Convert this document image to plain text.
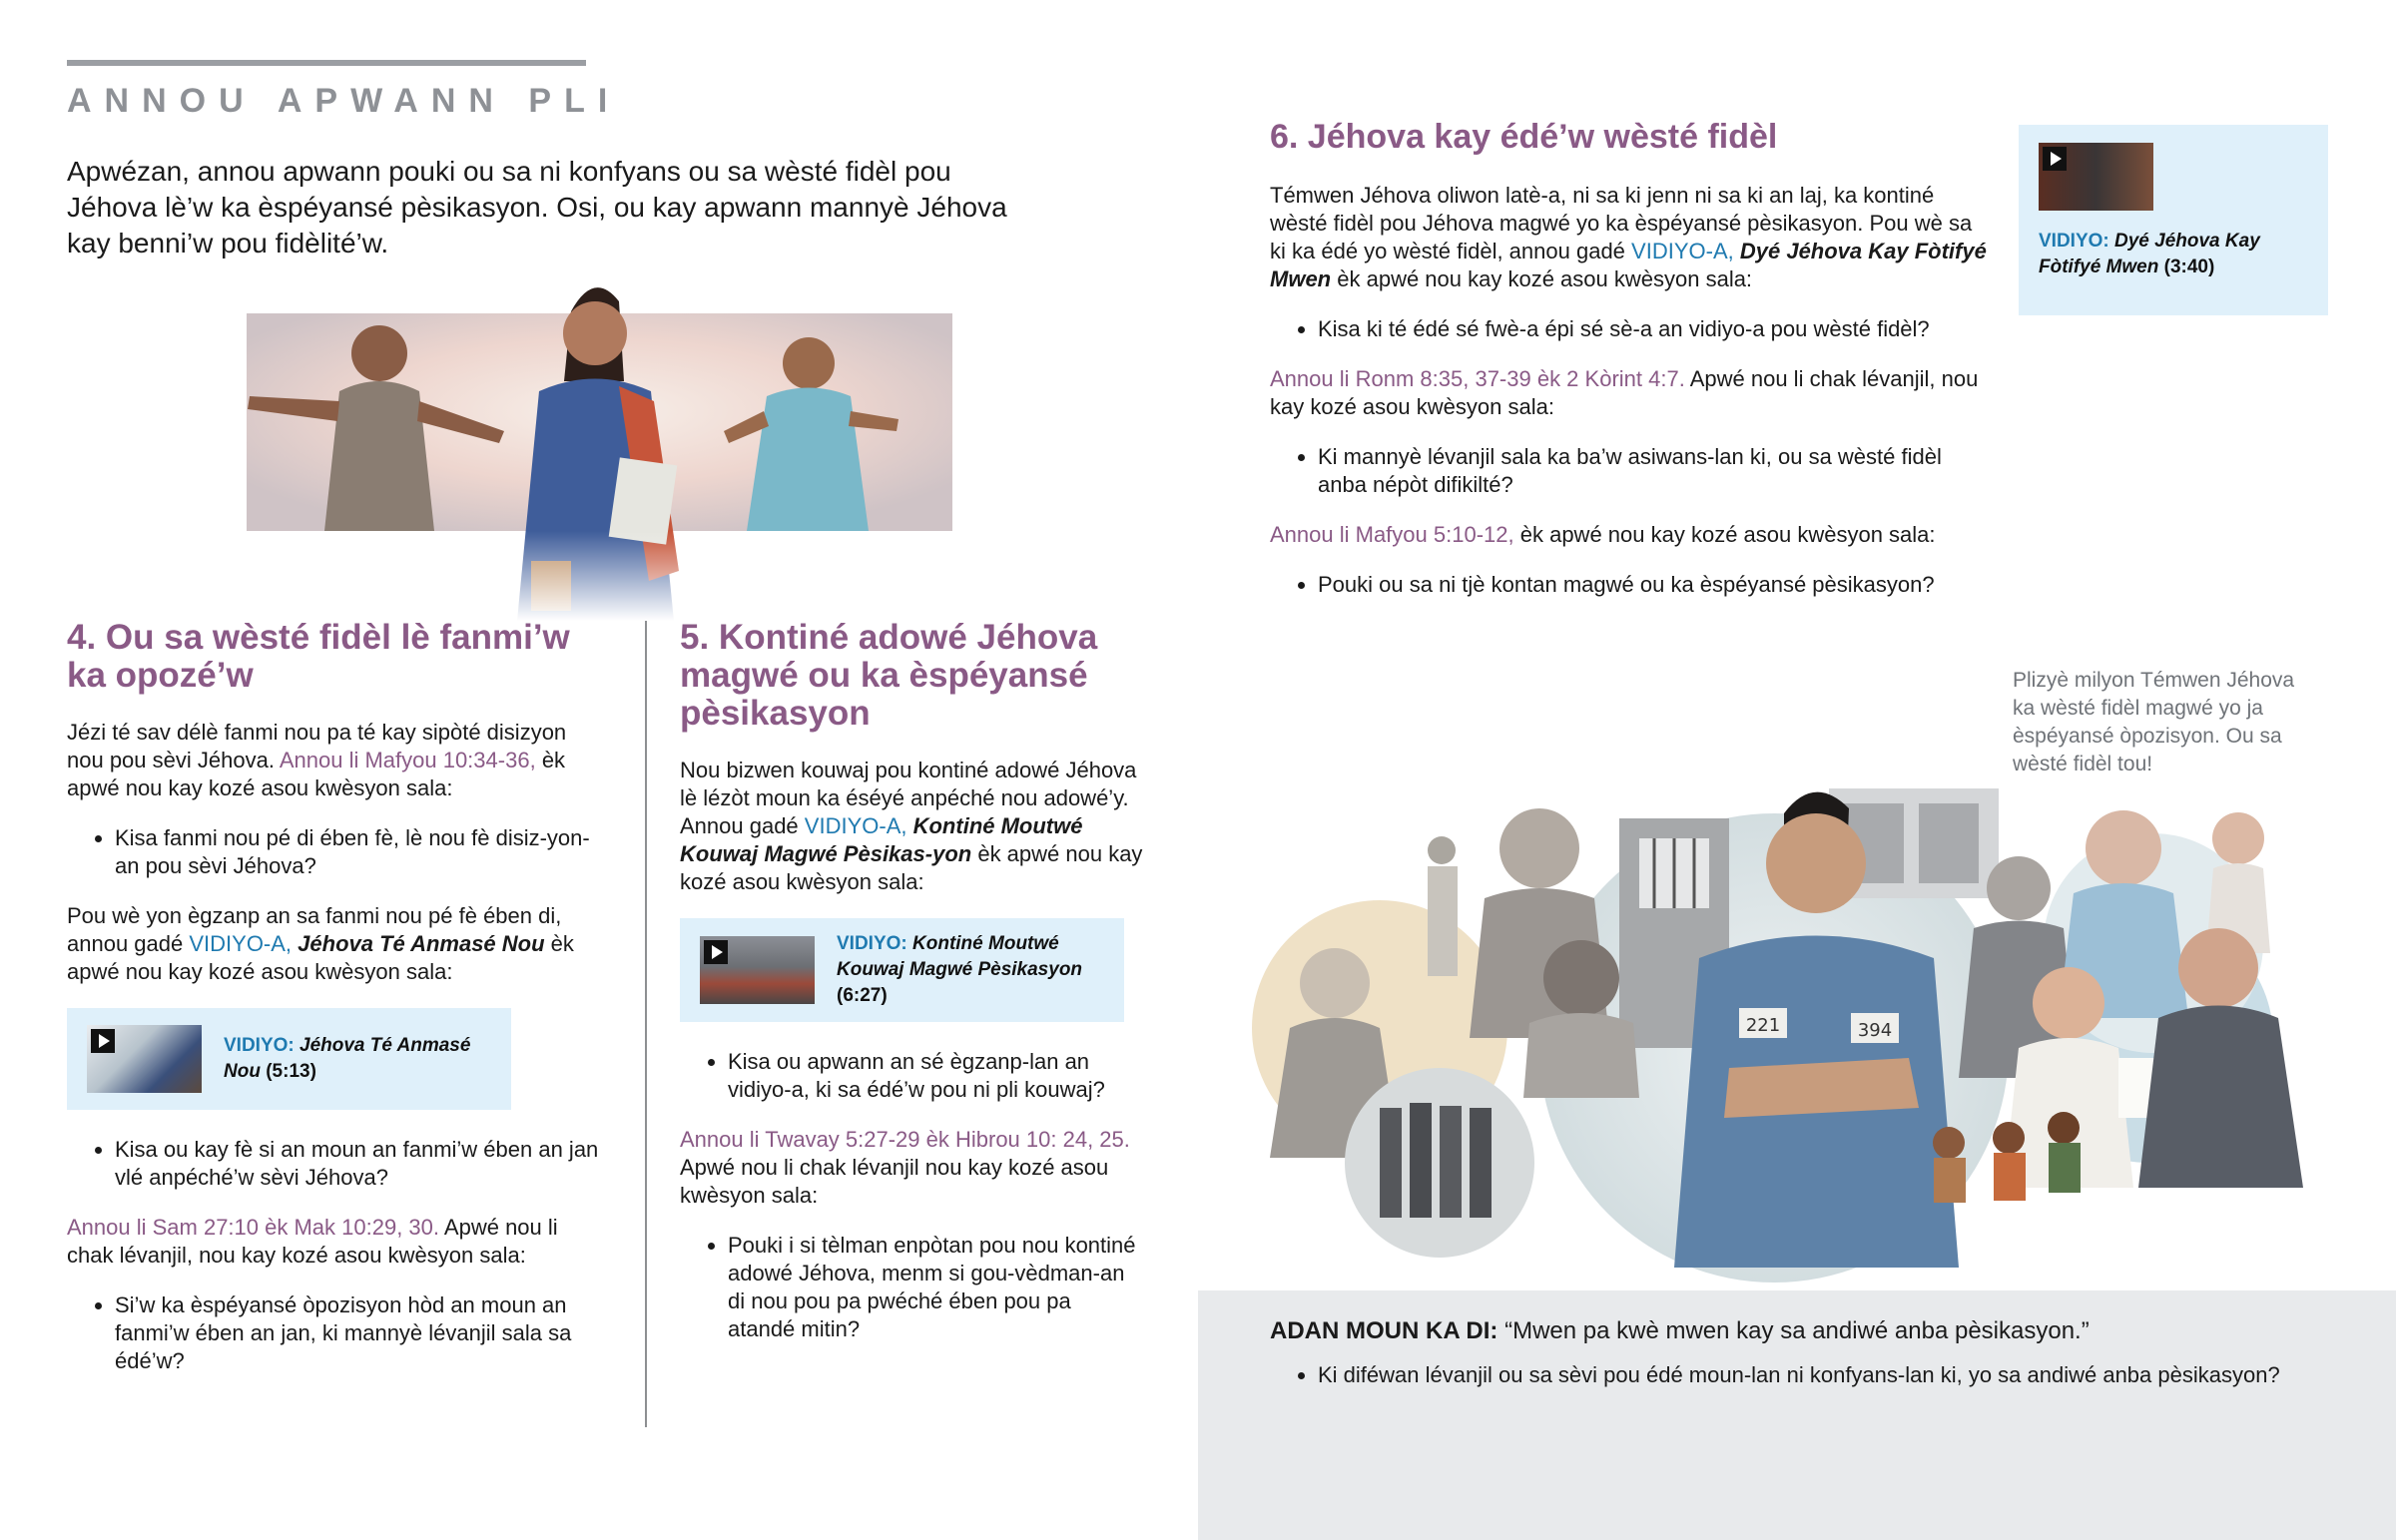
ANNOU APWANN PLI
Apwézan, annou apwann pouki ou sa ni konfyans ou sa wèsté fidèl pou Jéhova lè’w ka èspéyansé pèsikasyon. Osi, ou kay apwann mannyè Jéhova kay benni’w pou fidèlité’w.
4. Ou sa wèsté fidèl lè fanmi’w ka opozé’w

Jézi té sav délè fanmi nou pa té kay sipòté disizyon nou pou sèvi Jéhova. Annou li Mafyou 10:34-36, èk apwé nou kay kozé asou kwèsyon sala:

• Kisa fanmi nou pé di ében fè, lè nou fè disiz-yon-an pou sèvi Jéhova?

Pou wè yon ègzanp an sa fanmi nou pé fè ében di, annou gadé VIDIYO-A, Jéhova Té Anmasé Nou èk apwé nou kay kozé asou kwèsyon sala:

VIDIYO: Jéhova Té Anmasé Nou (5:13)
• Kisa ou kay fè si an moun an fanmi’w ében an jan vlé anpéché’w sèvi Jéhova?

Annou li Sam 27:10 èk Mak 10:29, 30. Apwé nou li chak lévanjil, nou kay kozé asou kwèsyon sala:

• Si’w ka èspéyansé òpozisyon hòd an moun an fanmi’w ében an jan, ki mannyè lévanjil sala sa édé’w?
5. Kontiné adowé Jéhova magwé ou ka èspéyansé pèsikasyon

Nou bizwen kouwaj pou kontiné adowé Jéhova lè lézòt moun ka éséyé anpéché nou adowé’y. Annou gadé VIDIYO-A, Kontiné Moutwé Kouwaj Magwé Pèsikas-yon èk apwé nou kay kozé asou kwèsyon sala:

VIDIYO: Kontiné Moutwé Kouwaj Magwé Pèsikasyon (6:27)
• Kisa ou apwann an sé ègzanp-lan an vidiyo-a, ki sa édé’w pou ni pli kouwaj?

Annou li Twavay 5:27-29 èk Hibrou 10: 24, 25. Apwé nou li chak lévanjil nou kay kozé asou kwèsyon sala:

• Pouki i si tèlman enpòtan pou nou kontiné adowé Jéhova, menm si gou-vèdman-an di nou pou pa pwéché ében pou pa atandé mitin?
6. Jéhova kay édé’w wèsté fidèl

Témwen Jéhova oliwon latè-a, ni sa ki jenn ni sa ki an laj, ka kontiné wèsté fidèl pou Jéhova magwé yo ka èspéyansé pèsikasyon. Pou wè sa ki ka édé yo wèsté fidèl, annou gadé VIDIYO-A, Dyé Jéhova Kay Fòtifyé Mwen èk apwé nou kay kozé asou kwèsyon sala:

• Kisa ki té édé sé fwè-a épi sé sè-a an vidiyo-a pou wèsté fidèl?

Annou li Ronm 8:35, 37-39 èk 2 Kòrint 4:7. Apwé nou li chak lévanjil, nou kay kozé asou kwèsyon sala:

• Ki mannyè lévanjil sala ka ba’w asiwans-lan ki, ou sa wèsté fidèl anba népòt difikilté?

Annou li Mafyou 5:10-12, èk apwé nou kay kozé asou kwèsyon sala:

• Pouki ou sa ni tjè kontan magwé ou ka èspéyansé pèsikasyon?
VIDIYO: Dyé Jéhova Kay Fòtifyé Mwen (3:40)
Plizyè milyon Témwen Jéhova ka wèsté fidèl magwé yo ja èspéyansé òpozisyon. Ou sa wèsté fidèl tou!
221	394
ADAN MOUN KA DI: “Mwen pa kwè mwen kay sa andiwé anba pèsikasyon.”
• Ki diféwan lévanjil ou sa sèvi pou édé moun-lan ni konfyans-lan ki, yo sa andiwé anba pèsikasyon?
